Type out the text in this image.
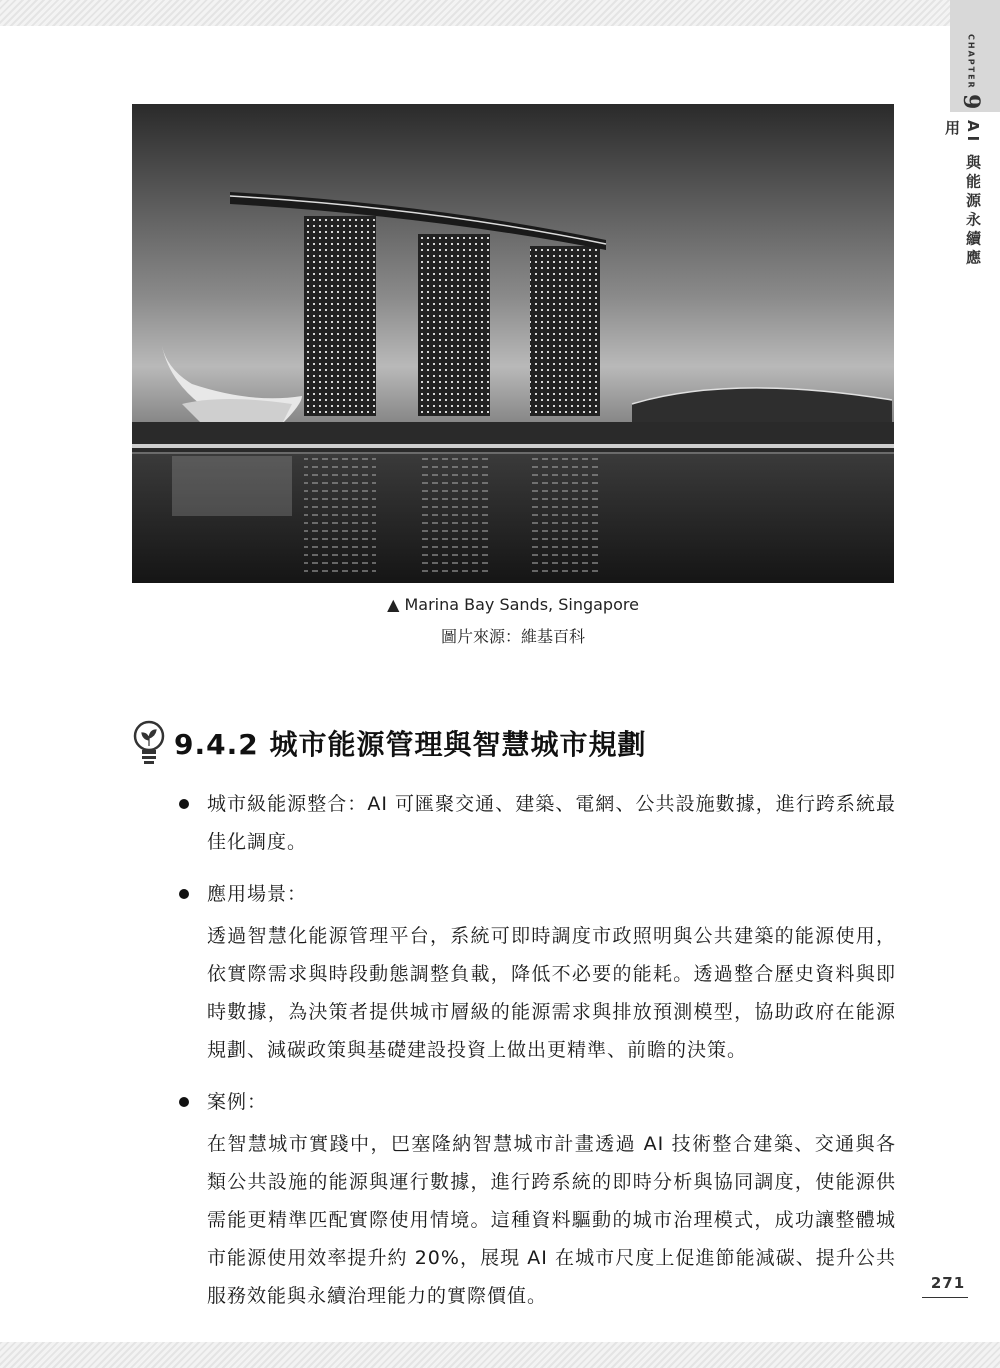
CHAPTER
9
AI 與能源永續應用
▲ Marina Bay Sands, Singapore
圖片來源：維基百科
9.4.2 城市能源管理與智慧城市規劃
城市級能源整合：AI 可匯聚交通、建築、電網、公共設施數據，進行跨系統最佳化調度。
應用場景：
透過智慧化能源管理平台，系統可即時調度市政照明與公共建築的能源使用，依實際需求與時段動態調整負載，降低不必要的能耗。透過整合歷史資料與即時數據，為決策者提供城市層級的能源需求與排放預測模型，協助政府在能源規劃、減碳政策與基礎建設投資上做出更精準、前瞻的決策。
案例：
在智慧城市實踐中，巴塞隆納智慧城市計畫透過 AI 技術整合建築、交通與各類公共設施的能源與運行數據，進行跨系統的即時分析與協同調度，使能源供需能更精準匹配實際使用情境。這種資料驅動的城市治理模式，成功讓整體城市能源使用效率提升約 20%，展現 AI 在城市尺度上促進節能減碳、提升公共服務效能與永續治理能力的實際價值。
271
